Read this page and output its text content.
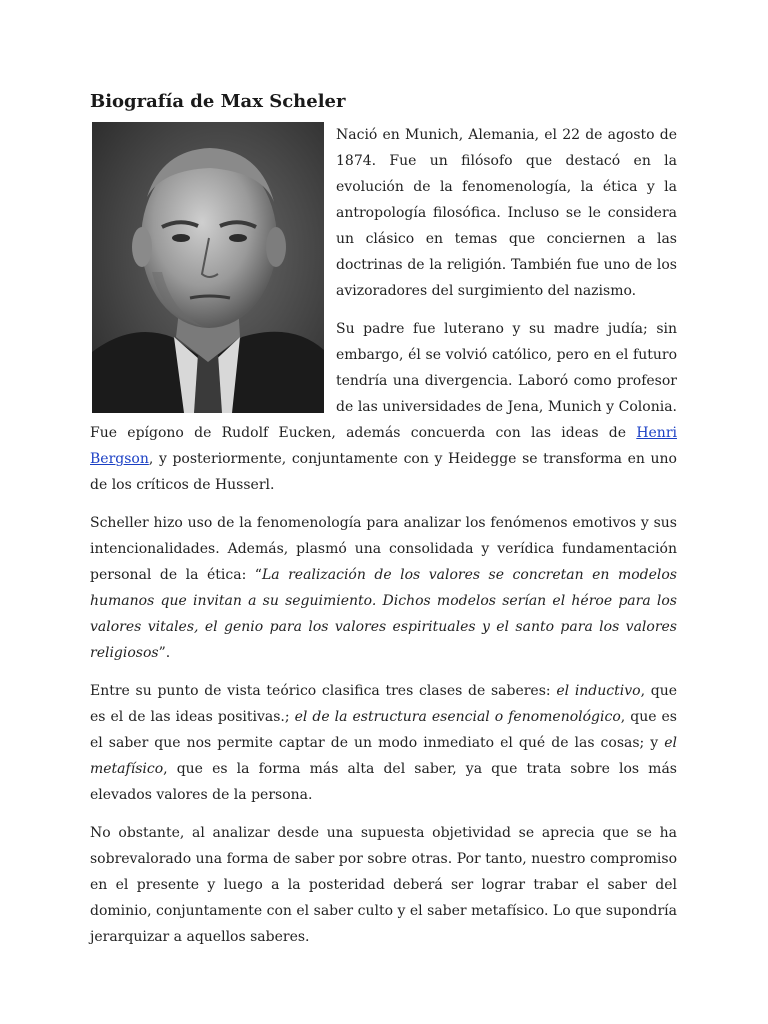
Biografía de Max Scheler

Nació en Munich, Alemania, el 22 de agosto de 1874. Fue un filósofo que destacó en la evolución de la fenomenología, la ética y la antropología filosófica. Incluso se le considera un clásico en temas que conciernen a las doctrinas de la religión. También fue uno de los avizoradores del surgimiento del nazismo.

Su padre fue luterano y su madre judía; sin embargo, él se volvió católico, pero en el futuro tendría una divergencia. Laboró como profesor de las universidades de Jena, Munich y Colonia. Fue epígono de Rudolf Eucken, además concuerda con las ideas de Henri Bergson, y posteriormente, conjuntamente con y Heidegge se transforma en uno de los críticos de Husserl.

Scheller hizo uso de la fenomenología para analizar los fenómenos emotivos y sus intencionalidades. Además, plasmó una consolidada y verídica fundamentación personal de la ética: “La realización de los valores se concretan en modelos humanos que invitan a su seguimiento. Dichos modelos serían el héroe para los valores vitales, el genio para los valores espirituales y el santo para los valores religiosos”.

Entre su punto de vista teórico clasifica tres clases de saberes: el inductivo, que es el de las ideas positivas.; el de la estructura esencial o fenomenológico, que es el saber que nos permite captar de un modo inmediato el qué de las cosas; y el metafísico, que es la forma más alta del saber, ya que trata sobre los más elevados valores de la persona.

No obstante, al analizar desde una supuesta objetividad se aprecia que se ha sobrevalorado una forma de saber por sobre otras. Por tanto, nuestro compromiso en el presente y luego a la posteridad deberá ser lograr trabar el saber del dominio, conjuntamente con el saber culto y el saber metafísico. Lo que supondría jerarquizar a aquellos saberes.
